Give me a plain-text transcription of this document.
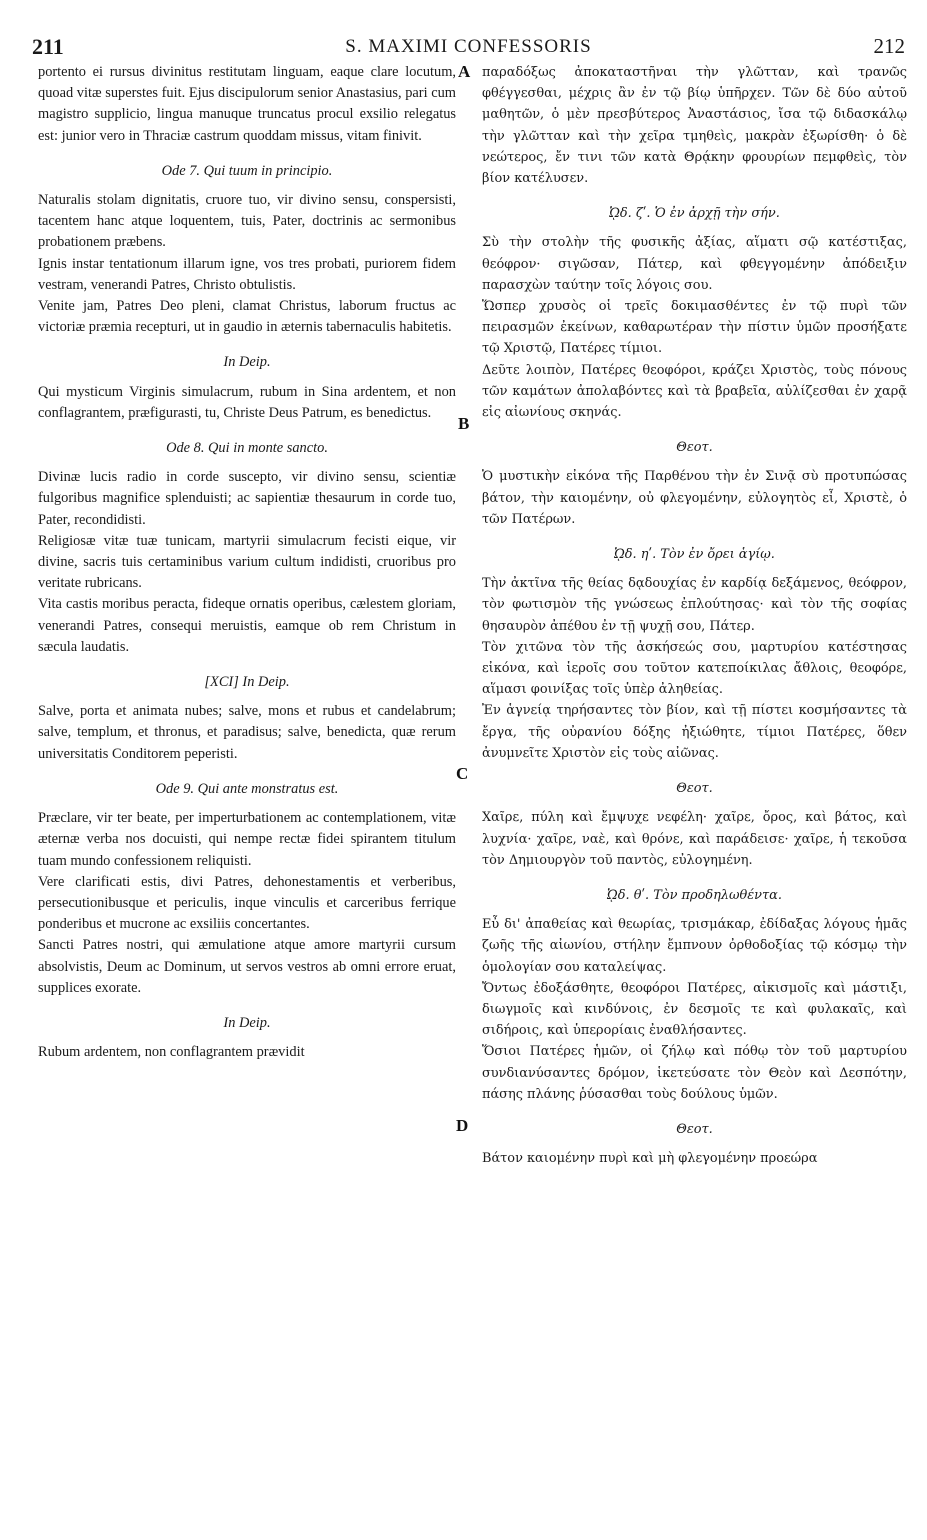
211	S. MAXIMI CONFESSORIS	212
A
B
C
D

portento ei rursus divinitus restitutam linguam, eaque clare locutum, quoad vitæ superstes fuit. Ejus discipulorum senior Anastasius, pari cum magistro supplicio, lingua manuque truncatus procul exsilio relegatus est: junior vero in Thraciæ castrum quoddam missus, vitam finivit.

Ode 7. Qui tuum in principio.

Naturalis stolam dignitatis, cruore tuo, vir divino sensu, conspersisti, tacentem hanc atque loquentem, tuis, Pater, doctrinis ac sermonibus probationem præbens.

Ignis instar tentationum illarum igne, vos tres probati, puriorem fidem vestram, venerandi Patres, Christo obtulistis.

Venite jam, Patres Deo pleni, clamat Christus, laborum fructus ac victoriæ præmia recepturi, ut in gaudio in æternis tabernaculis habitetis.

In Deip.

Qui mysticum Virginis simulacrum, rubum in Sina ardentem, et non conflagrantem, præfigurasti, tu, Christe Deus Patrum, es benedictus.

Ode 8. Qui in monte sancto.

Divinæ lucis radio in corde suscepto, vir divino sensu, scientiæ fulgoribus magnifice splenduisti; ac sapientiæ thesaurum in corde tuo, Pater, recondidisti.

Religiosæ vitæ tuæ tunicam, martyrii simulacrum fecisti eique, vir divine, sacris tuis certaminibus varium cultum indidisti, cruoribus pro veritate rubricans.

Vita castis moribus peracta, fideque ornatis operibus, cælestem gloriam, venerandi Patres, consequi meruistis, eamque ob rem Christum in sæcula laudatis.

[XCI] In Deip.

Salve, porta et animata nubes; salve, mons et rubus et candelabrum; salve, templum, et thronus, et paradisus; salve, benedicta, quæ rerum universitatis Conditorem peperisti.

Ode 9. Qui ante monstratus est.

Præclare, vir ter beate, per imperturbationem ac contemplationem, vitæ æternæ verba nos docuisti, qui nempe rectæ fidei spirantem titulum tuam mundo confessionem reliquisti.

Vere clarificati estis, divi Patres, dehonestamentis et verberibus, persecutionibusque et periculis, inque vinculis et carceribus ferrique ponderibus et mucrone ac exsiliis concertantes.

Sancti Patres nostri, qui æmulatione atque amore martyrii cursum absolvistis, Deum ac Dominum, ut servos vestros ab omni errore eruat, supplices exorate.

In Deip.

Rubum ardentem, non conflagrantem prævidit

παραδόξως ἀποκαταστῆναι τὴν γλῶτταν, καὶ τρανῶς φθέγγεσθαι, μέχρις ἂν ἐν τῷ βίῳ ὑπῆρχεν. Τῶν δὲ δύο αὐτοῦ μαθητῶν, ὁ μὲν πρεσβύτερος Ἀναστάσιος, ἴσα τῷ διδασκάλῳ τὴν γλῶτταν καὶ τὴν χεῖρα τμηθεὶς, μακρὰν ἐξωρίσθη· ὁ δὲ νεώτερος, ἔν τινι τῶν κατὰ Θρᾴκην φρουρίων πεμφθεὶς, τὸν βίον κατέλυσεν.

ᾨδ. ζʹ. Ὁ ἐν ἀρχῇ τὴν σήν.

Σὺ τὴν στολὴν τῆς φυσικῆς ἀξίας, αἵματι σῷ κατέστιξας, θεόφρον· σιγῶσαν, Πάτερ, καὶ φθεγγομένην ἀπόδειξιν παρασχὼν ταύτην τοῖς λόγοις σου.

Ὥσπερ χρυσὸς οἱ τρεῖς δοκιμασθέντες ἐν τῷ πυρὶ τῶν πειρασμῶν ἐκείνων, καθαρωτέραν τὴν πίστιν ὑμῶν προσήξατε τῷ Χριστῷ, Πατέρες τίμιοι.

Δεῦτε λοιπὸν, Πατέρες θεοφόροι, κράζει Χριστὸς, τοὺς πόνους τῶν καμάτων ἀπολαβόντες καὶ τὰ βραβεῖα, αὐλίζεσθαι ἐν χαρᾷ εἰς αἰωνίους σκηνάς.

Θεοτ.

Ὁ μυστικὴν εἰκόνα τῆς Παρθένου τὴν ἐν Σινᾷ σὺ προτυπώσας βάτον, τὴν καιομένην, οὐ φλεγομένην, εὐλογητὸς εἶ, Χριστὲ, ὁ τῶν Πατέρων.

ᾨδ. ηʹ. Τὸν ἐν ὄρει ἁγίῳ.

Τὴν ἀκτῖνα τῆς θείας δᾳδουχίας ἐν καρδίᾳ δεξάμενος, θεόφρον, τὸν φωτισμὸν τῆς γνώσεως ἐπλούτησας· καὶ τὸν τῆς σοφίας θησαυρὸν ἀπέθου ἐν τῇ ψυχῇ σου, Πάτερ.

Τὸν χιτῶνα τὸν τῆς ἀσκήσεώς σου, μαρτυρίου κατέστησας εἰκόνα, καὶ ἱεροῖς σου τοῦτον κατεποίκιλας ἄθλοις, θεοφόρε, αἵμασι φοινίξας τοῖς ὑπὲρ ἀληθείας.

Ἐν ἁγνείᾳ τηρήσαντες τὸν βίον, καὶ τῇ πίστει κοσμήσαντες τὰ ἔργα, τῆς οὐρανίου δόξης ἠξιώθητε, τίμιοι Πατέρες, ὅθεν ἀνυμνεῖτε Χριστὸν εἰς τοὺς αἰῶνας.

Θεοτ.

Χαῖρε, πύλη καὶ ἔμψυχε νεφέλη· χαῖρε, ὄρος, καὶ βάτος, καὶ λυχνία· χαῖρε, ναὲ, καὶ θρόνε, καὶ παράδεισε· χαῖρε, ἡ τεκοῦσα τὸν Δημιουργὸν τοῦ παντὸς, εὐλογημένη.

ᾨδ. θʹ. Τὸν προδηλωθέντα.

Εὖ δι' ἀπαθείας καὶ θεωρίας, τρισμάκαρ, ἐδίδαξας λόγους ἡμᾶς ζωῆς τῆς αἰωνίου, στήλην ἔμπνουν ὀρθοδοξίας τῷ κόσμῳ τὴν ὁμολογίαν σου καταλείψας.

Ὄντως ἐδοξάσθητε, θεοφόροι Πατέρες, αἰκισμοῖς καὶ μάστιξι, διωγμοῖς καὶ κινδύνοις, ἐν δεσμοῖς τε καὶ φυλακαῖς, καὶ σιδήροις, καὶ ὑπερορίαις ἐναθλήσαντες.

Ὅσιοι Πατέρες ἡμῶν, οἱ ζήλῳ καὶ πόθῳ τὸν τοῦ μαρτυρίου συνδιανύσαντες δρόμον, ἱκετεύσατε τὸν Θεὸν καὶ Δεσπότην, πάσης πλάνης ῥύσασθαι τοὺς δούλους ὑμῶν.

Θεοτ.

Βάτον καιομένην πυρὶ καὶ μὴ φλεγομένην προεώρα
